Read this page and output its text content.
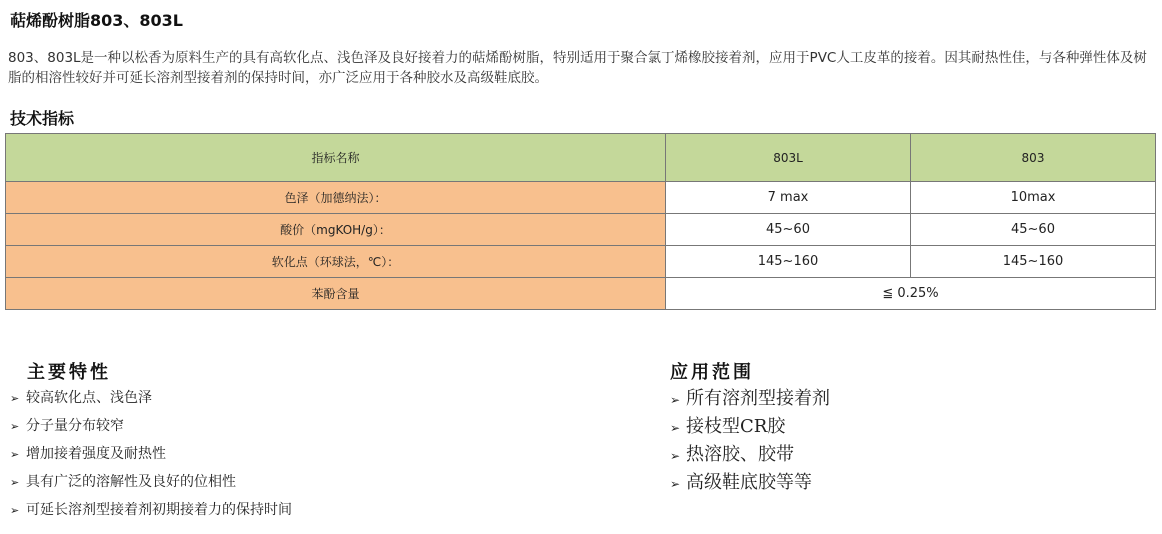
萜烯酚树脂803、803L
803、803L是一种以松香为原料生产的具有高软化点、浅色泽及良好接着力的萜烯酚树脂，特别适用于聚合氯丁烯橡胶接着剂，应用于PVC人工皮革的接着。因其耐热性佳，与各种弹性体及树脂的相溶性较好并可延长溶剂型接着剂的保持时间，亦广泛应用于各种胶水及高级鞋底胶。
技术指标
指标名称	803L	803
色泽（加德纳法）：	7 max	10max
酸价（mgKOH/g）：	45~60	45~60
软化点（环球法，℃）：	145~160	145~160
苯酚含量	≦ 0.25%	
主要特性
➢ 较高软化点、浅色泽
➢ 分子量分布较窄
➢ 增加接着强度及耐热性
➢ 具有广泛的溶解性及良好的位相性
➢ 可延长溶剂型接着剂初期接着力的保持时间
应用范围
➢ 所有溶剂型接着剂
➢ 接枝型CR胶
➢ 热溶胶、胶带
➢ 高级鞋底胶等等
